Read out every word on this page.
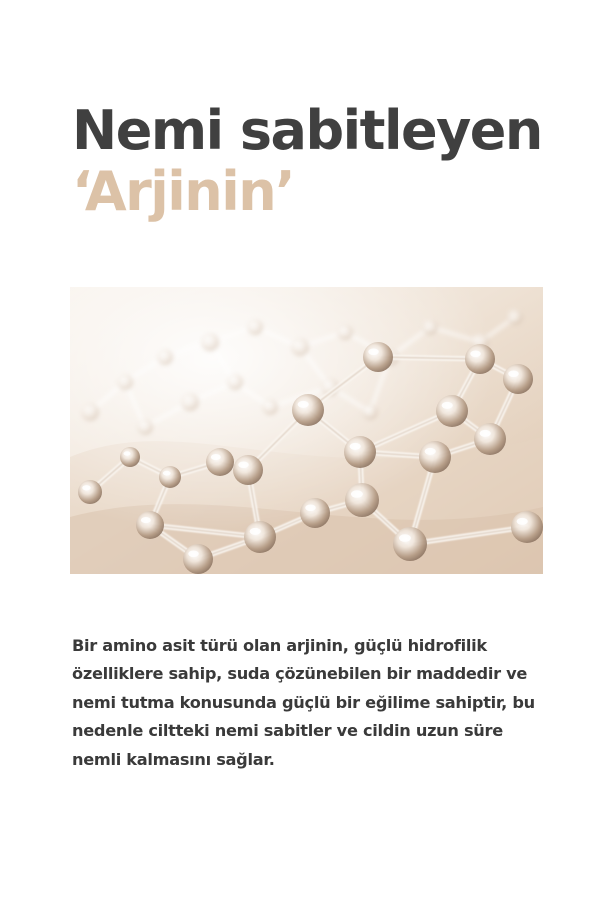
Nemi sabitleyen
‘Arjinin’

Bir amino asit türü olan arjinin, güçlü hidrofilik özelliklere sahip, suda çözünebilen bir maddedir ve nemi tutma konusunda güçlü bir eğilime sahiptir, bu nedenle ciltteki nemi sabitler ve cildin uzun süre nemli kalmasını sağlar.
